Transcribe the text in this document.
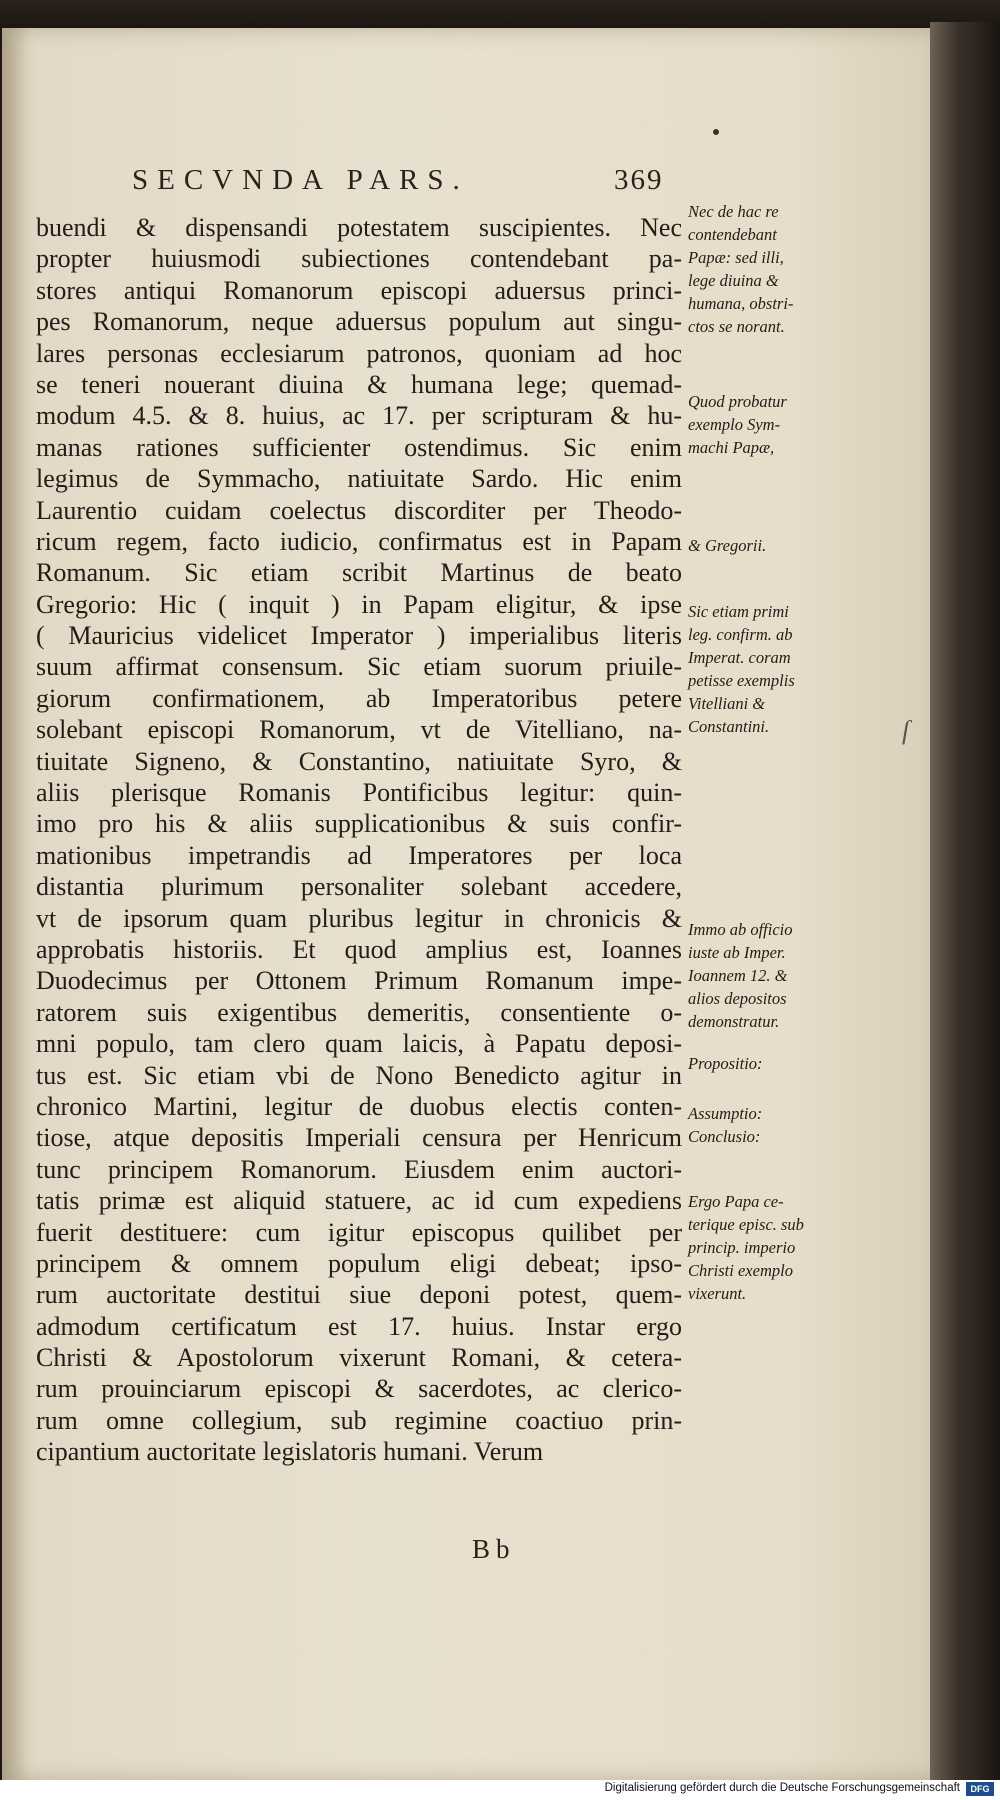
SECVNDA PARS.	369
buendi & dispensandi potestatem suscipientes. Nec
propter huiusmodi subiectiones contendebant pa-
stores antiqui Romanorum episcopi aduersus princi-
pes Romanorum, neque aduersus populum aut singu-
lares personas ecclesiarum patronos, quoniam ad hoc
se teneri nouerant diuina & humana lege; quemad-
modum 4.5. & 8. huius, ac 17. per scripturam & hu-
manas rationes sufficienter ostendimus. Sic enim
legimus de Symmacho, natiuitate Sardo. Hic enim
Laurentio cuidam coelectus discorditer per Theodo-
ricum regem, facto iudicio, confirmatus est in Papam
Romanum. Sic etiam scribit Martinus de beato
Gregorio: Hic ( inquit ) in Papam eligitur, & ipse
( Mauricius videlicet Imperator ) imperialibus literis
suum affirmat consensum. Sic etiam suorum priuile-
giorum confirmationem, ab Imperatoribus petere
solebant episcopi Romanorum, vt de Vitelliano, na-
tiuitate Signeno, & Constantino, natiuitate Syro, &
aliis plerisque Romanis Pontificibus legitur: quin-
imo pro his & aliis supplicationibus & suis confir-
mationibus impetrandis ad Imperatores per loca
distantia plurimum personaliter solebant accedere,
vt de ipsorum quam pluribus legitur in chronicis &
approbatis historiis. Et quod amplius est, Ioannes
Duodecimus per Ottonem Primum Romanum impe-
ratorem suis exigentibus demeritis, consentiente o-
mni populo, tam clero quam laicis, à Papatu deposi-
tus est. Sic etiam vbi de Nono Benedicto agitur in
chronico Martini, legitur de duobus electis conten-
tiose, atque depositis Imperiali censura per Henricum
tunc principem Romanorum. Eiusdem enim auctori-
tatis primæ est aliquid statuere, ac id cum expediens
fuerit destituere: cum igitur episcopus quilibet per
principem & omnem populum eligi debeat; ipso-
rum auctoritate destitui siue deponi potest, quem-
admodum certificatum est 17. huius. Instar ergo
Christi & Apostolorum vixerunt Romani, & cetera-
rum prouinciarum episcopi & sacerdotes, ac clerico-
rum omne collegium, sub regimine coactiuo prin-
cipantium auctoritate legislatoris humani. Verum
Nec de hac re
contendebant
Papæ: sed illi,
lege diuina &
humana, obstri-
ctos se norant.
Quod probatur
exemplo Sym-
machi Papæ,
& Gregorii.
Sic etiam primi
leg. confirm. ab
Imperat. coram
petisse exemplis
Vitelliani &
Constantini.
Immo ab officio
iuste ab Imper.
Ioannem 12. &
alios depositos
demonstratur.
Propositio:
Assumptio:
Conclusio:
Ergo Papa ce-
terique episc. sub
princip. imperio
Christi exemplo
vixerunt.
Bb
ſ
Digitalisierung gefördert durch die Deutsche Forschungsgemeinschaft	DFG
